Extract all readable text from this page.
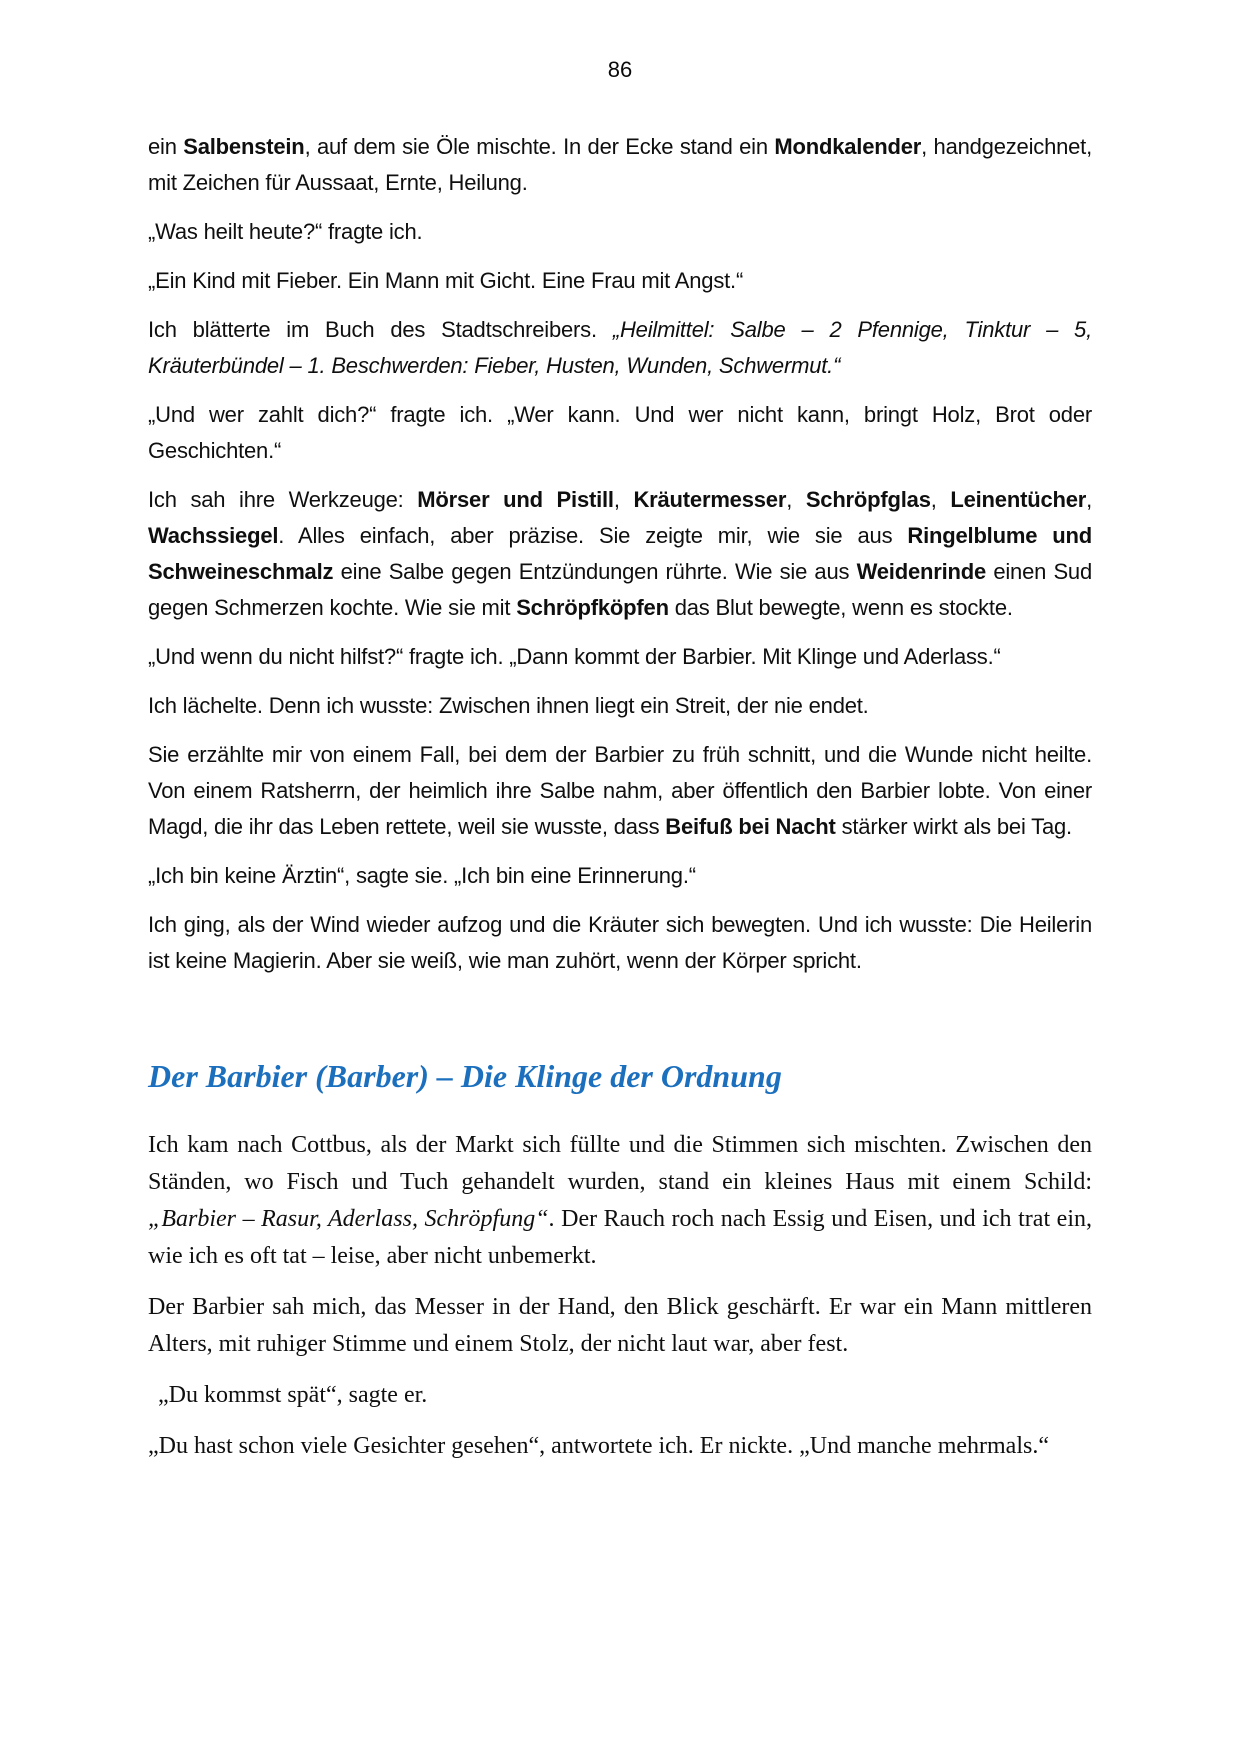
86

ein Salbenstein, auf dem sie Öle mischte. In der Ecke stand ein Mondkalender, handgezeichnet, mit Zeichen für Aussaat, Ernte, Heilung.

„Was heilt heute?“ fragte ich.

„Ein Kind mit Fieber. Ein Mann mit Gicht. Eine Frau mit Angst.“

Ich blätterte im Buch des Stadtschreibers. „Heilmittel: Salbe – 2 Pfennige, Tinktur – 5, Kräuterbündel – 1. Beschwerden: Fieber, Husten, Wunden, Schwermut.“

„Und wer zahlt dich?“ fragte ich. „Wer kann. Und wer nicht kann, bringt Holz, Brot oder Geschichten.“

Ich sah ihre Werkzeuge: Mörser und Pistill, Kräutermesser, Schröpfglas, Leinentücher, Wachssiegel. Alles einfach, aber präzise. Sie zeigte mir, wie sie aus Ringelblume und Schweineschmalz eine Salbe gegen Entzündungen rührte. Wie sie aus Weidenrinde einen Sud gegen Schmerzen kochte. Wie sie mit Schröpfköpfen das Blut bewegte, wenn es stockte.

„Und wenn du nicht hilfst?“ fragte ich. „Dann kommt der Barbier. Mit Klinge und Aderlass.“

Ich lächelte. Denn ich wusste: Zwischen ihnen liegt ein Streit, der nie endet.

Sie erzählte mir von einem Fall, bei dem der Barbier zu früh schnitt, und die Wunde nicht heilte. Von einem Ratsherrn, der heimlich ihre Salbe nahm, aber öffentlich den Barbier lobte. Von einer Magd, die ihr das Leben rettete, weil sie wusste, dass Beifuß bei Nacht stärker wirkt als bei Tag.

„Ich bin keine Ärztin“, sagte sie. „Ich bin eine Erinnerung.“

Ich ging, als der Wind wieder aufzog und die Kräuter sich bewegten. Und ich wusste: Die Heilerin ist keine Magierin. Aber sie weiß, wie man zuhört, wenn der Körper spricht.

Der Barbier (Barber) – Die Klinge der Ordnung

Ich kam nach Cottbus, als der Markt sich füllte und die Stimmen sich mischten. Zwischen den Ständen, wo Fisch und Tuch gehandelt wurden, stand ein kleines Haus mit einem Schild: „Barbier – Rasur, Aderlass, Schröpfung“. Der Rauch roch nach Essig und Eisen, und ich trat ein, wie ich es oft tat – leise, aber nicht unbemerkt.

Der Barbier sah mich, das Messer in der Hand, den Blick geschärft. Er war ein Mann mittleren Alters, mit ruhiger Stimme und einem Stolz, der nicht laut war, aber fest.

„Du kommst spät“, sagte er.

„Du hast schon viele Gesichter gesehen“, antwortete ich. Er nickte. „Und manche mehrmals.“
